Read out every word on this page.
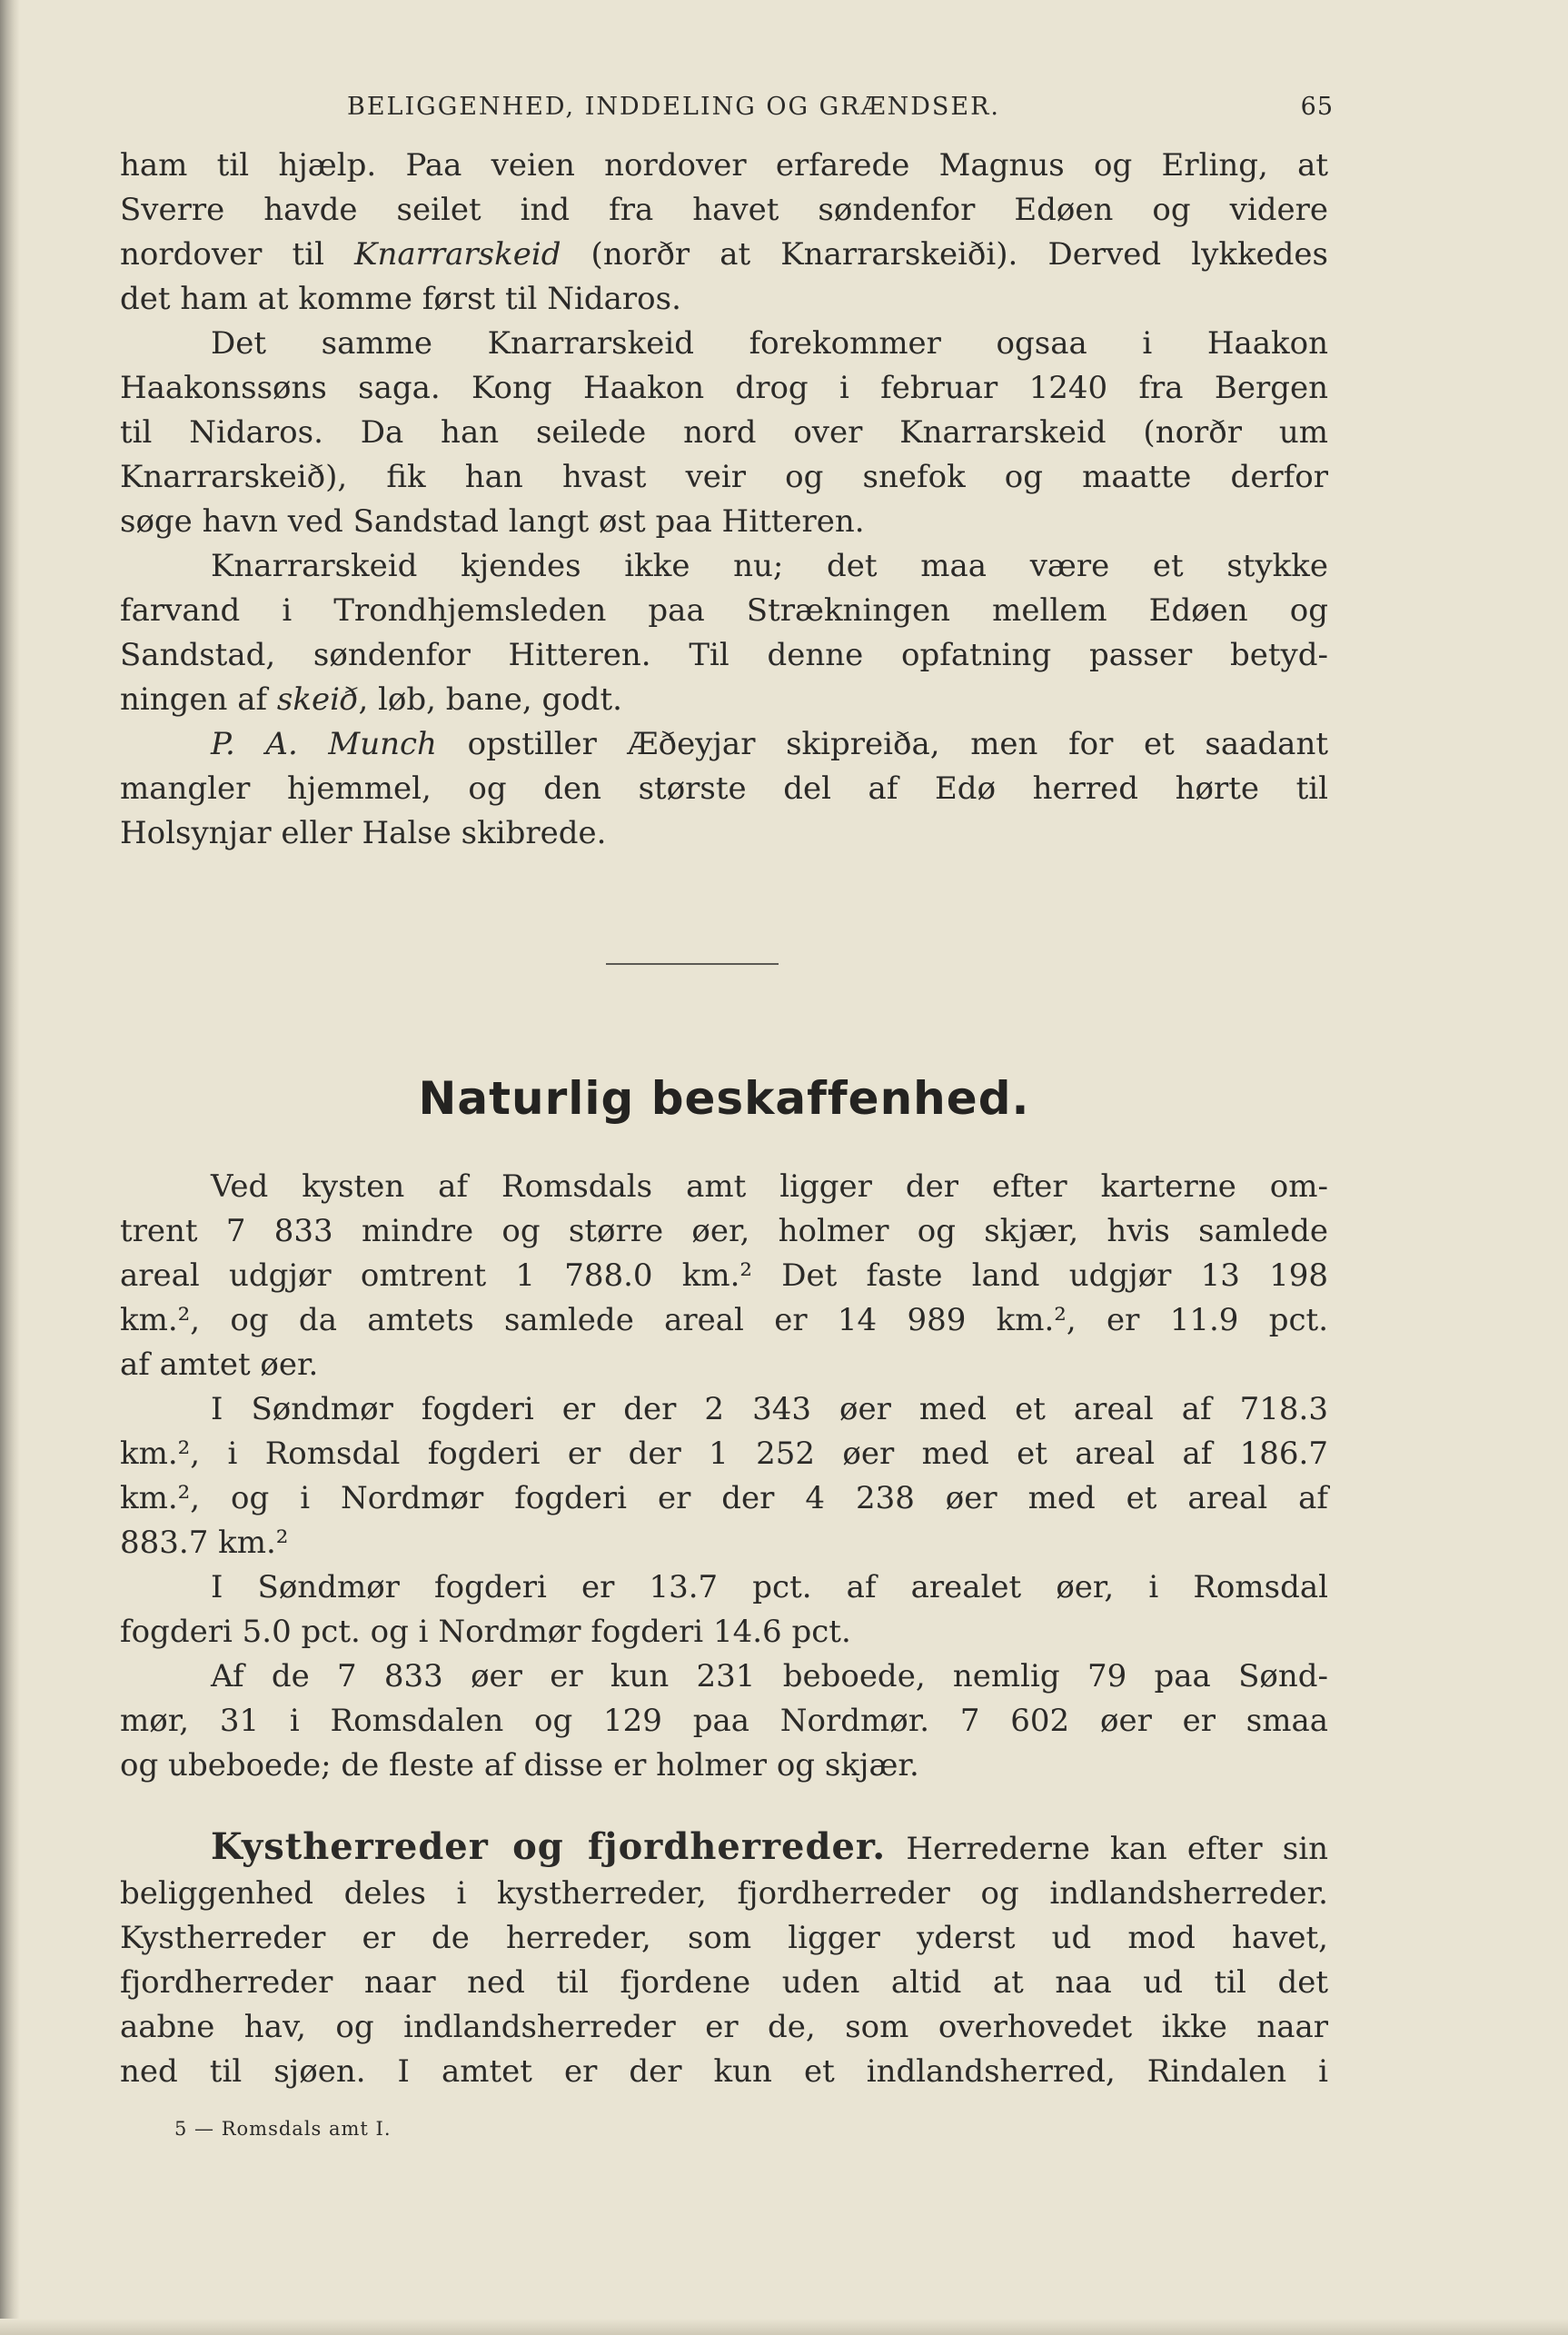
BELIGGENHED, INDDELING OG GRÆNDSER.	65

ham til hjælp. Paa veien nordover erfarede Magnus og Erling, at

Sverre havde seilet ind fra havet søndenfor Edøen og videre

nordover til Knarrarskeid (norðr at Knarrarskeiði). Derved lykkedes

det ham at komme først til Nidaros.

Det samme Knarrarskeid forekommer ogsaa i Haakon

Haakonssøns saga. Kong Haakon drog i februar 1240 fra Bergen

til Nidaros. Da han seilede nord over Knarrarskeid (norðr um

Knarrarskeið), fik han hvast veir og snefok og maatte derfor

søge havn ved Sandstad langt øst paa Hitteren.

Knarrarskeid kjendes ikke nu; det maa være et stykke

farvand i Trondhjemsleden paa Strækningen mellem Edøen og

Sandstad, søndenfor Hitteren. Til denne opfatning passer betyd-

ningen af skeið, løb, bane, godt.

P. A. Munch opstiller Æðeyjar skipreiða, men for et saadant

mangler hjemmel, og den største del af Edø herred hørte til

Holsynjar eller Halse skibrede.

Naturlig beskaffenhed.

Ved kysten af Romsdals amt ligger der efter karterne om-

trent 7 833 mindre og større øer, holmer og skjær, hvis samlede

areal udgjør omtrent 1 788.0 km.² Det faste land udgjør 13 198

km.², og da amtets samlede areal er 14 989 km.², er 11.9 pct.

af amtet øer.

I Søndmør fogderi er der 2 343 øer med et areal af 718.3

km.², i Romsdal fogderi er der 1 252 øer med et areal af 186.7

km.², og i Nordmør fogderi er der 4 238 øer med et areal af

883.7 km.²

I Søndmør fogderi er 13.7 pct. af arealet øer, i Romsdal

fogderi 5.0 pct. og i Nordmør fogderi 14.6 pct.

Af de 7 833 øer er kun 231 beboede, nemlig 79 paa Sønd-

mør, 31 i Romsdalen og 129 paa Nordmør. 7 602 øer er smaa

og ubeboede; de fleste af disse er holmer og skjær.

Kystherreder og fjordherreder. Herrederne kan efter sin

beliggenhed deles i kystherreder, fjordherreder og indlandsherreder.

Kystherreder er de herreder, som ligger yderst ud mod havet,

fjordherreder naar ned til fjordene uden altid at naa ud til det

aabne hav, og indlandsherreder er de, som overhovedet ikke naar

ned til sjøen. I amtet er der kun et indlandsherred, Rindalen i

5 — Romsdals amt I.
